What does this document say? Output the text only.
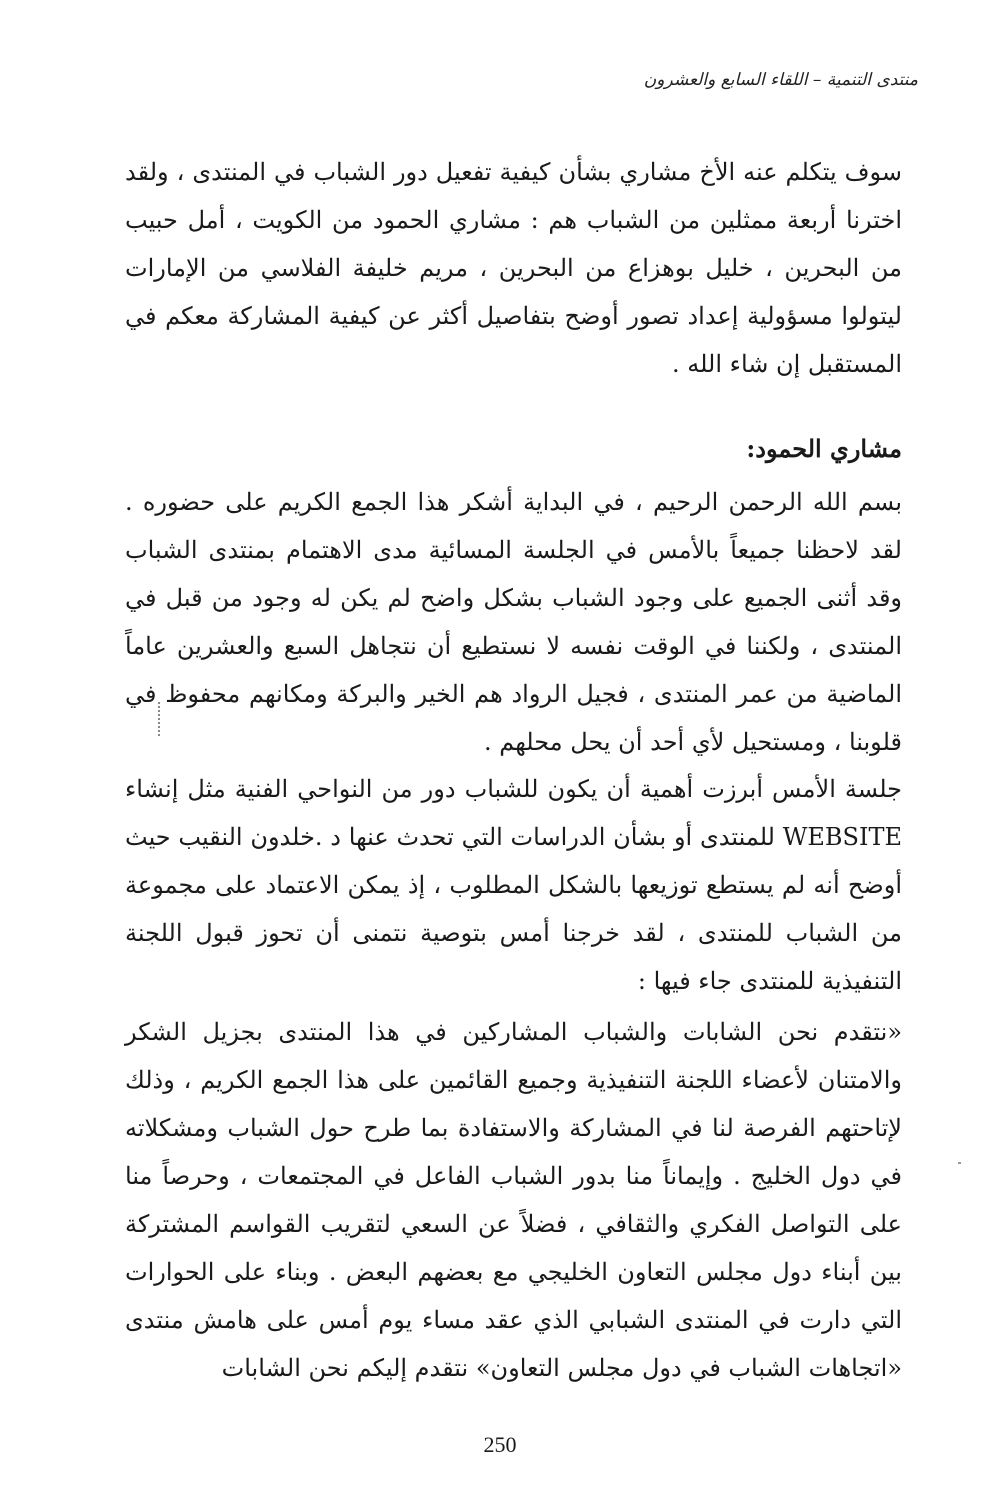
منتدى التنمية – اللقاء السابع والعشرون

سوف يتكلم عنه الأخ مشاري بشأن كيفية تفعيل دور الشباب في المنتدى ، ولقد اخترنا أربعة ممثلين من الشباب هم : مشاري الحمود من الكويت ، أمل حبيب من البحرين ، خليل بوهزاع من البحرين ، مريم خليفة الفلاسي من الإمارات ليتولوا مسؤولية إعداد تصور أوضح بتفاصيل أكثر عن كيفية المشاركة معكم في المستقبل إن شاء الله .

مشاري الحمود:

بسم الله الرحمن الرحيم ، في البداية أشكر هذا الجمع الكريم على حضوره . لقد لاحظنا جميعاً بالأمس في الجلسة المسائية مدى الاهتمام بمنتدى الشباب وقد أثنى الجميع على وجود الشباب بشكل واضح لم يكن له وجود من قبل في المنتدى ، ولكننا في الوقت نفسه لا نستطيع أن نتجاهل السبع والعشرين عاماً الماضية من عمر المنتدى ، فجيل الرواد هم الخير والبركة ومكانهم محفوظ في قلوبنا ، ومستحيل لأي أحد أن يحل محلهم .

جلسة الأمس أبرزت أهمية أن يكون للشباب دور من النواحي الفنية مثل إنشاء WEBSITE للمنتدى أو بشأن الدراسات التي تحدث عنها د .خلدون النقيب حيث أوضح أنه لم يستطع توزيعها بالشكل المطلوب ، إذ يمكن الاعتماد على مجموعة من الشباب للمنتدى ، لقد خرجنا أمس بتوصية نتمنى أن تحوز قبول اللجنة التنفيذية للمنتدى جاء فيها :

«نتقدم نحن الشابات والشباب المشاركين في هذا المنتدى بجزيل الشكر والامتنان لأعضاء اللجنة التنفيذية وجميع القائمين على هذا الجمع الكريم ، وذلك لإتاحتهم الفرصة لنا في المشاركة والاستفادة بما طرح حول الشباب ومشكلاته في دول الخليج . وإيماناً منا بدور الشباب الفاعل في المجتمعات ، وحرصاً منا على التواصل الفكري والثقافي ، فضلاً عن السعي لتقريب القواسم المشتركة بين أبناء دول مجلس التعاون الخليجي مع بعضهم البعض . وبناء على الحوارات التي دارت في المنتدى الشبابي الذي عقد مساء يوم أمس على هامش منتدى «اتجاهات الشباب في دول مجلس التعاون» نتقدم إليكم نحن الشابات

250
